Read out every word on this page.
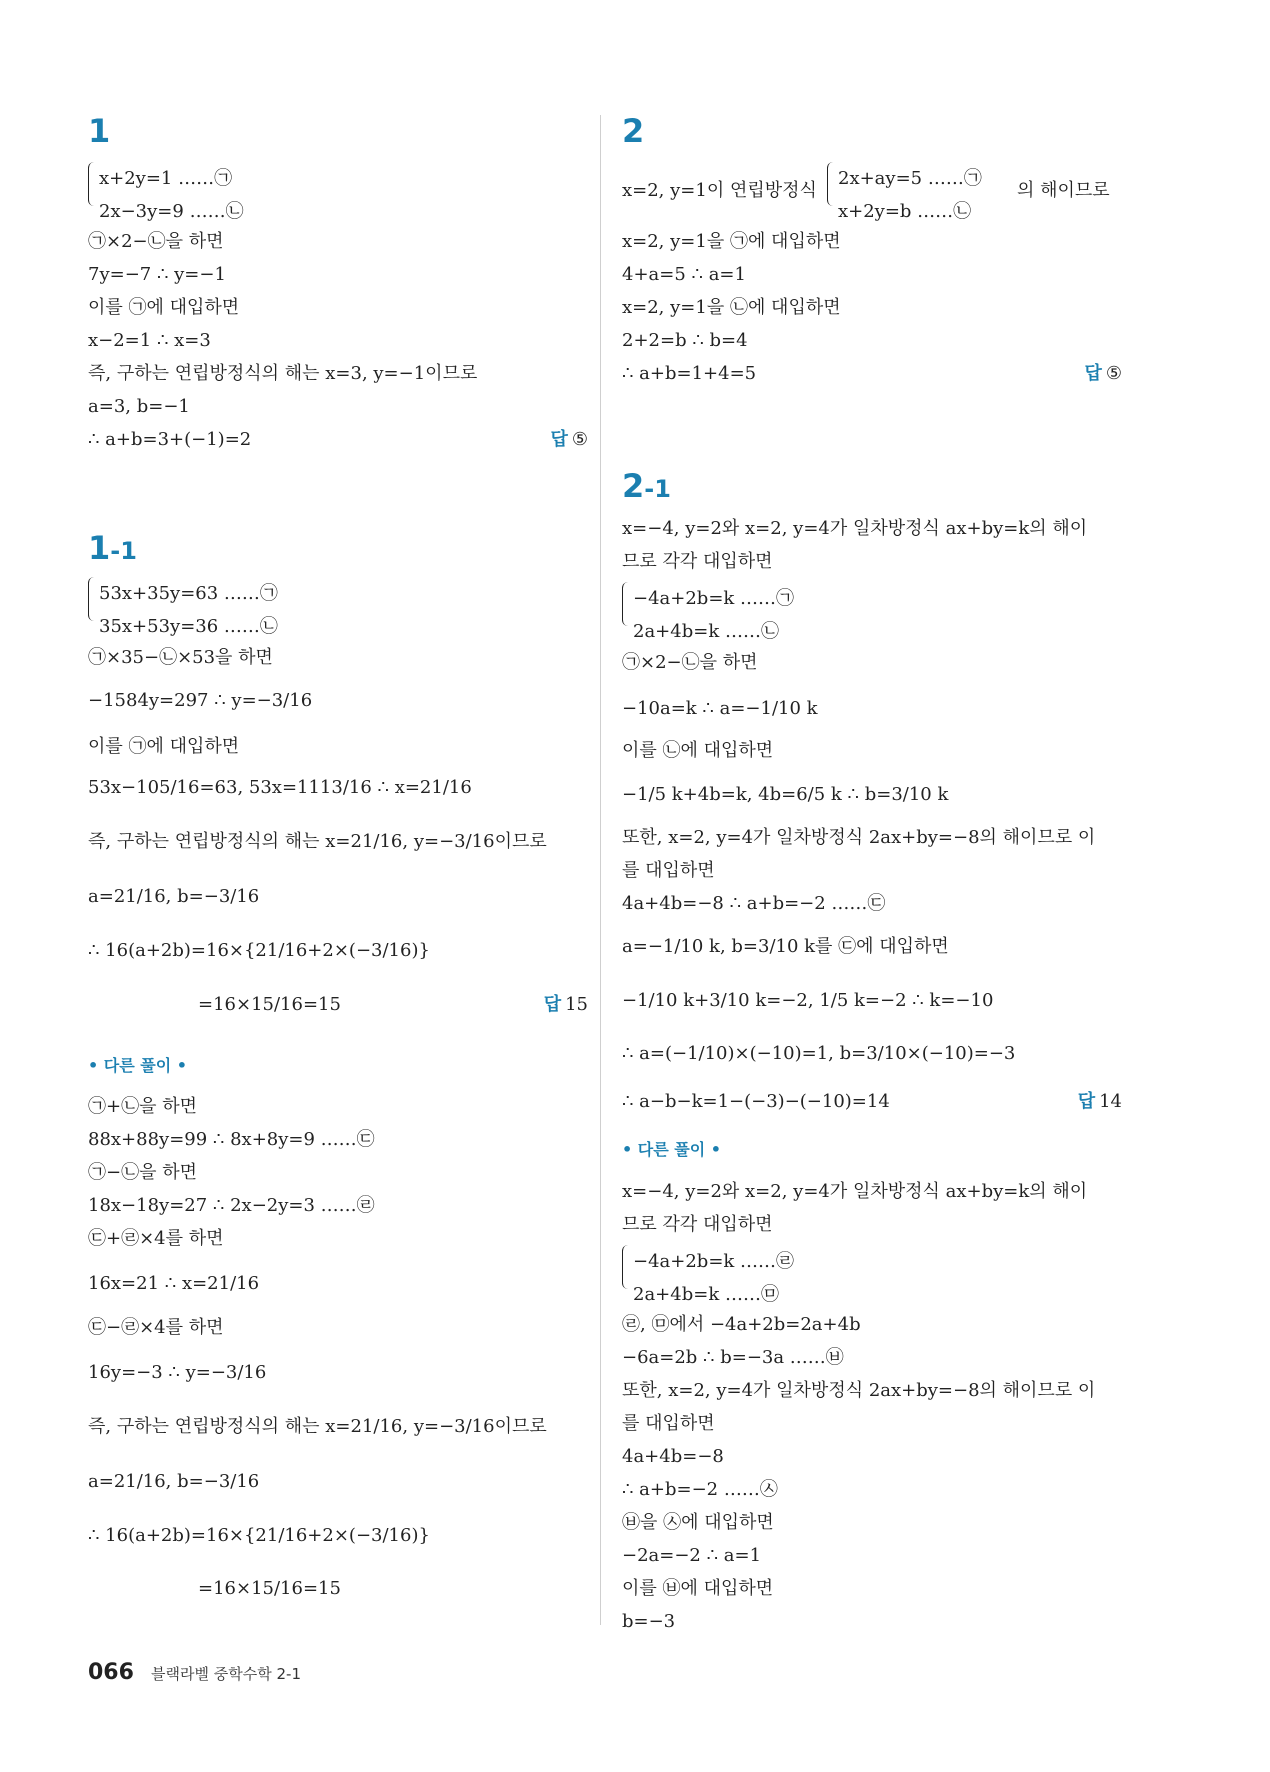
1
x+2y=1 ……㉠
2x−3y=9 ……㉡
㉠×2−㉡을 하면
7y=−7 ∴ y=−1
이를 ㉠에 대입하면
x−2=1 ∴ x=3
즉, 구하는 연립방정식의 해는 x=3, y=−1이므로
a=3, b=−1
∴ a+b=3+(−1)=2	답 ⑤
1-1
53x+35y=63 ……㉠
35x+53y=36 ……㉡
㉠×35−㉡×53을 하면
−1584y=297 ∴ y=−3/16
이를 ㉠에 대입하면
53x−105/16=63, 53x=1113/16 ∴ x=21/16
즉, 구하는 연립방정식의 해는 x=21/16, y=−3/16이므로
a=21/16, b=−3/16
∴ 16(a+2b)=16×{21/16+2×(−3/16)}
=16×15/16=15	답 15
• 다른 풀이 •
㉠+㉡을 하면
88x+88y=99 ∴ 8x+8y=9 ……㉢
㉠−㉡을 하면
18x−18y=27 ∴ 2x−2y=3 ……㉣
㉢+㉣×4를 하면
16x=21 ∴ x=21/16
㉢−㉣×4를 하면
16y=−3 ∴ y=−3/16
즉, 구하는 연립방정식의 해는 x=21/16, y=−3/16이므로
a=21/16, b=−3/16
∴ 16(a+2b)=16×{21/16+2×(−3/16)}
=16×15/16=15
2
x=2, y=1이 연립방정식
2x+ay=5 ……㉠
x+2y=b ……㉡
의 해이므로
x=2, y=1을 ㉠에 대입하면
4+a=5 ∴ a=1
x=2, y=1을 ㉡에 대입하면
2+2=b ∴ b=4
∴ a+b=1+4=5	답 ⑤
2-1
x=−4, y=2와 x=2, y=4가 일차방정식 ax+by=k의 해이
므로 각각 대입하면
−4a+2b=k ……㉠
2a+4b=k ……㉡
㉠×2−㉡을 하면
−10a=k ∴ a=−1/10 k
이를 ㉡에 대입하면
−1/5 k+4b=k, 4b=6/5 k ∴ b=3/10 k
또한, x=2, y=4가 일차방정식 2ax+by=−8의 해이므로 이
를 대입하면
4a+4b=−8 ∴ a+b=−2 ……㉢
a=−1/10 k, b=3/10 k를 ㉢에 대입하면
−1/10 k+3/10 k=−2, 1/5 k=−2 ∴ k=−10
∴ a=(−1/10)×(−10)=1, b=3/10×(−10)=−3
∴ a−b−k=1−(−3)−(−10)=14	답 14
• 다른 풀이 •
x=−4, y=2와 x=2, y=4가 일차방정식 ax+by=k의 해이
므로 각각 대입하면
−4a+2b=k ……㉣
2a+4b=k ……㉤
㉣, ㉤에서 −4a+2b=2a+4b
−6a=2b ∴ b=−3a ……㉥
또한, x=2, y=4가 일차방정식 2ax+by=−8의 해이므로 이
를 대입하면
4a+4b=−8
∴ a+b=−2 ……㉦
㉥을 ㉦에 대입하면
−2a=−2 ∴ a=1
이를 ㉥에 대입하면
b=−3
066 블랙라벨 중학수학 2-1
